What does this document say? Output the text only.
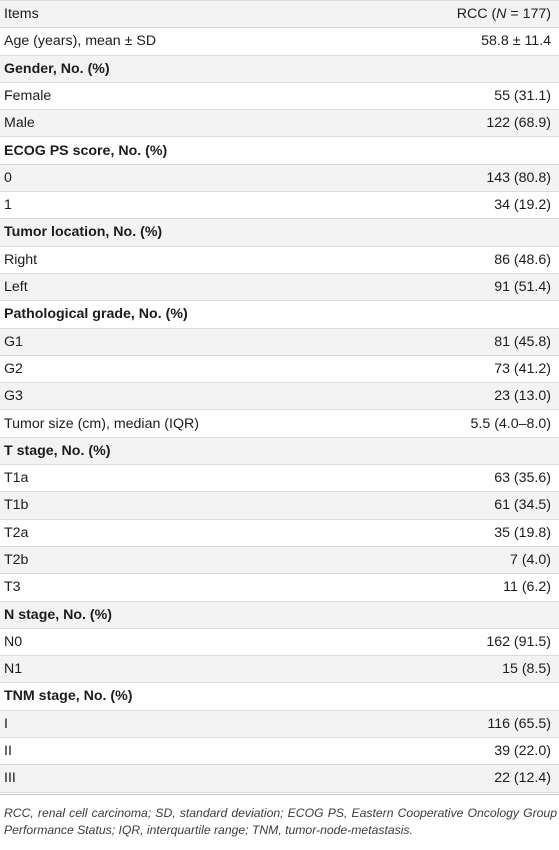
Items	RCC (N = 177)
Age (years), mean ± SD	58.8 ± 11.4
Gender, No. (%)	
Female	55 (31.1)
Male	122 (68.9)
ECOG PS score, No. (%)	
0	143 (80.8)
1	34 (19.2)
Tumor location, No. (%)	
Right	86 (48.6)
Left	91 (51.4)
Pathological grade, No. (%)	
G1	81 (45.8)
G2	73 (41.2)
G3	23 (13.0)
Tumor size (cm), median (IQR)	5.5 (4.0–8.0)
T stage, No. (%)	
T1a	63 (35.6)
T1b	61 (34.5)
T2a	35 (19.8)
T2b	7 (4.0)
T3	11 (6.2)
N stage, No. (%)	
N0	162 (91.5)
N1	15 (8.5)
TNM stage, No. (%)	
I	116 (65.5)
II	39 (22.0)
III	22 (12.4)
RCC, renal cell carcinoma; SD, standard deviation; ECOG PS, Eastern Cooperative Oncology Group Performance Status; IQR, interquartile range; TNM, tumor-node-metastasis.
